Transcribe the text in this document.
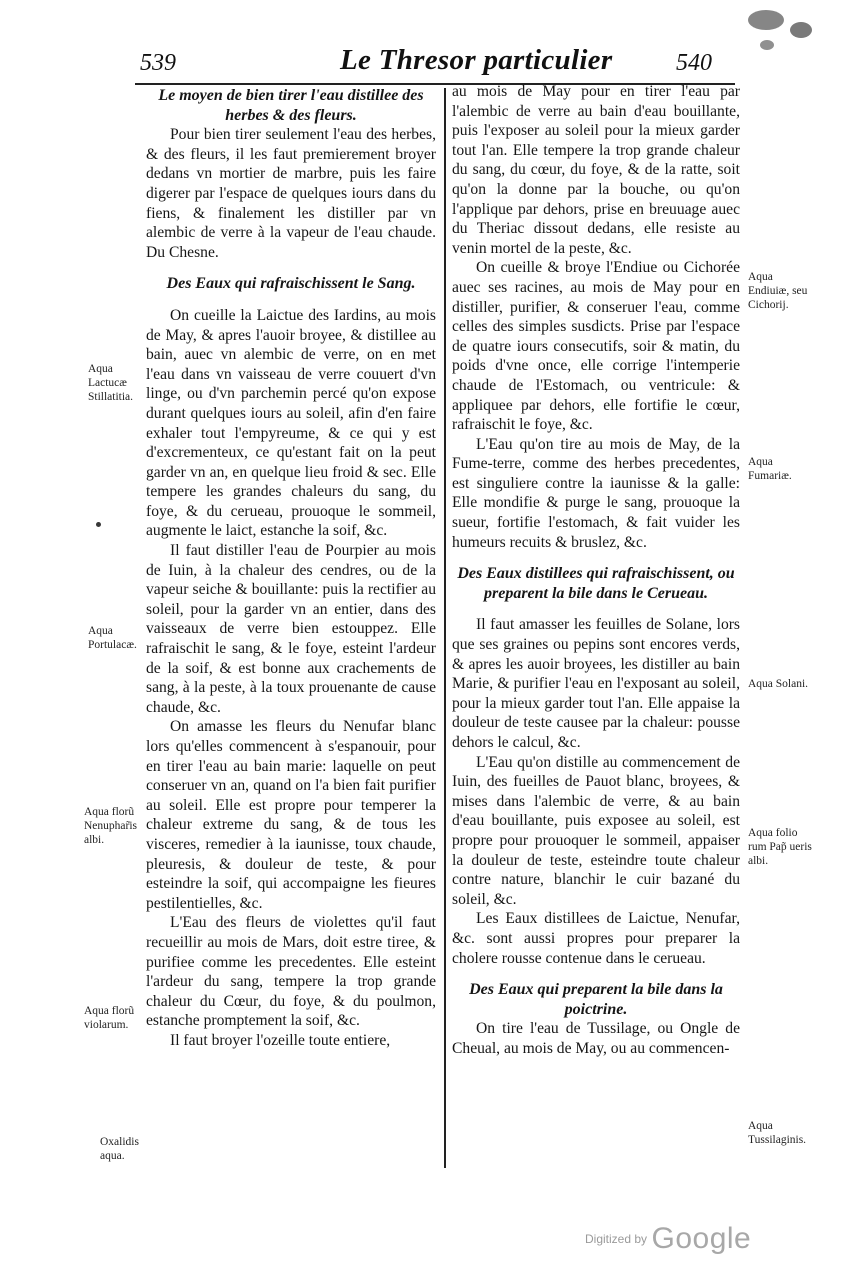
539	Le Thresor particulier	540

Le moyen de bien tirer l'eau distillee des herbes & des fleurs.

Pour bien tirer seulement l'eau des herbes, & des fleurs, il les faut premierement broyer dedans vn mortier de marbre, puis les faire digerer par l'espace de quelques iours dans du fiens, & finalement les distiller par vn alembic de verre à la vapeur de l'eau chaude. Du Chesne.

Des Eaux qui rafraischissent le Sang.

On cueille la Laictue des Iardins, au mois de May, & apres l'auoir broyee, & distillee au bain, auec vn alembic de verre, on en met l'eau dans vn vaisseau de verre couuert d'vn linge, ou d'vn parchemin percé qu'on expose durant quelques iours au soleil, afin d'en faire exhaler tout l'empyreume, & ce qui y est d'excrementeux, ce qu'estant fait on la peut garder vn an, en quelque lieu froid & sec. Elle tempere les grandes chaleurs du sang, du foye, & du cerueau, prouoque le sommeil, augmente le laict, estanche la soif, &c.

Il faut distiller l'eau de Pourpier au mois de Iuin, à la chaleur des cendres, ou de la vapeur seiche & bouillante: puis la rectifier au soleil, pour la garder vn an entier, dans des vaisseaux de verre bien estouppez. Elle rafraischit le sang, & le foye, esteint l'ardeur de la soif, & est bonne aux crachements de sang, à la peste, à la toux prouenante de cause chaude, &c.

On amasse les fleurs du Nenufar blanc lors qu'elles commencent à s'espanouir, pour en tirer l'eau au bain marie: laquelle on peut conseruer vn an, quand on l'a bien fait purifier au soleil. Elle est propre pour temperer la chaleur extreme du sang, & de tous les visceres, remedier à la iaunisse, toux chaude, pleuresis, & douleur de teste, & pour esteindre la soif, qui accompaigne les fieures pestilentielles, &c.

L'Eau des fleurs de violettes qu'il faut recueillir au mois de Mars, doit estre tiree, & purifiee comme les precedentes. Elle esteint l'ardeur du sang, tempere la trop grande chaleur du Cœur, du foye, & du poulmon, estanche promptement la soif, &c.

Il faut broyer l'ozeille toute entiere,

au mois de May pour en tirer l'eau par l'alembic de verre au bain d'eau bouillante, puis l'exposer au soleil pour la mieux garder tout l'an. Elle tempere la trop grande chaleur du sang, du cœur, du foye, & de la ratte, soit qu'on la donne par la bouche, ou qu'on l'applique par dehors, prise en breuuage auec du Theriac dissout dedans, elle resiste au venin mortel de la peste, &c.

On cueille & broye l'Endiue ou Cichorée auec ses racines, au mois de May pour en distiller, purifier, & conseruer l'eau, comme celles des simples susdicts. Prise par l'espace de quatre iours consecutifs, soir & matin, du poids d'vne once, elle corrige l'intemperie chaude de l'Estomach, ou ventricule: & appliquee par dehors, elle fortifie le cœur, rafraischit le foye, &c.

L'Eau qu'on tire au mois de May, de la Fume-terre, comme des herbes precedentes, est singuliere contre la iaunisse & la galle: Elle mondifie & purge le sang, prouoque la sueur, fortifie l'estomach, & fait vuider les humeurs recuits & bruslez, &c.

Des Eaux distillees qui rafraischissent, ou preparent la bile dans le Cerueau.

Il faut amasser les feuilles de Solane, lors que ses graines ou pepins sont encores verds, & apres les auoir broyees, les distiller au bain Marie, & purifier l'eau en l'exposant au soleil, pour la mieux garder tout l'an. Elle appaise la douleur de teste causee par la chaleur: pousse dehors le calcul, &c.

L'Eau qu'on distille au commencement de Iuin, des fueilles de Pauot blanc, broyees, & mises dans l'alembic de verre, & au bain d'eau bouillante, puis exposee au soleil, est propre pour prouoquer le sommeil, appaiser la douleur de teste, esteindre toute chaleur contre nature, blanchir le cuir bazané du soleil, &c.

Les Eaux distillees de Laictue, Nenufar, &c. sont aussi propres pour preparer la cholere rousse contenue dans le cerueau.

Des Eaux qui preparent la bile dans la poictrine.

On tire l'eau de Tussilage, ou Ongle de Cheual, au mois de May, ou au commencen-

Aqua Lactucæ Stillatitia.
Aqua Portulacæ.
Aqua florũ Nenuphar̃is albi.
Aqua florũ violarum.
Oxalidis aqua.
Aqua Endiuiæ, seu Cichorij.
Aqua Fumariæ.
Aqua Solani.
Aqua folio rum Pap̃ ueris albi.
Aqua Tussilaginis.
Digitized by Google
